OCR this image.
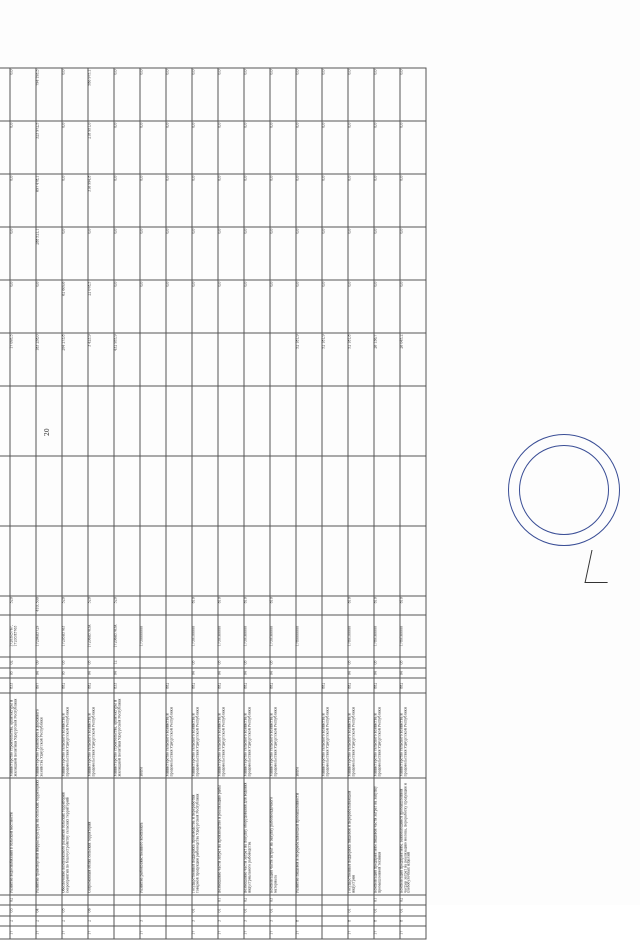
20

17	2	03	02	Развитие водоснабжения в сельской местности	Министерство строительства, архитектуры и жилищной политики Удмуртской Республики	833	05	02	17203R5767, 17203Л5763	520				17 095,3	0,0	0,0	0,0	0,0	0,0
17	2	04		Развитие транспортной инфраструктуры на сельских территориях	Министерство транспорта и дорожного хозяйства Удмуртской Республики	807	04	09	17204R5729	410, 500				183 258,0	0,0	288 521,1	697 478,1	323 972,5	794 193,3
17	2	05		Обеспечение комплексного развития сельских территорий (мероприятия по благоустройству сельских территорий)	Министерство сельского хозяйства и продовольствия Удмуртской Республики	882	05	03	17205R5763	520				204 273,8	62 609,6	0,0	0,0	0,0	0,0
17	2	06		Современный облик сельских территорий	Министерство сельского хозяйства и продовольствия Удмуртской Республики	882	04	05	17206R5763A	520				3 423,9	22 078,5	0,0	316 994,8	218 951,0	586 975,1
					Министерство строительства, архитектуры и жилищной политики Удмуртской Республики	833	04	12	17206R5763A	520				432 955,9	0,0	0,0	0,0	0,0	0,0
17	3			Развитие рыбохозяйственного комплекса	Всего				1730000000						0,0	0,0	0,0	0,0	0,0
					Министерство сельского хозяйства и продовольствия Удмуртской Республики	882									0,0	0,0	0,0	0,0	0,0
17	3	01		Государственная поддержка производства и переработки товарной продукции рыбоводства Удмуртской Республики	Министерство сельского хозяйства и продовольствия Удмуртской Республики	882	04	05	1730100000	810					0,0	0,0	0,0	0,0	0,0
17	3	01	01	Возмещение части затрат на производство и реализацию рыбы	Министерство сельского хозяйства и продовольствия Удмуртской Республики	882	04	05	1730160000	810					0,0	0,0	0,0	0,0	0,0
17	3	01	02	Возмещение части затрат на покупку оборудования для ведения индустриального рыбоводства	Министерство сельского хозяйства и продовольствия Удмуртской Республики	882	04	05	1730160000	810					0,0	0,0	0,0	0,0	0,0
17	3	01	03	Компенсация части затрат на закупку рыбопосадочного материала	Министерство сельского хозяйства и продовольствия Удмуртской Республики	882	04	05	1730160000	810					0,0	0,0	0,0	0,0	0,0
17	8			Развитие пищевой и перерабатывающей промышленности	Всего				1780000000					52 181,9	0,0	0,0	0,0	0,0	0,0
					Министерство сельского хозяйства и продовольствия Удмуртской Республики	882								52 181,9	0,0	0,0	0,0	0,0	0,0
17	8	01		Государственная поддержка пищевой и перерабатывающей индустрии	Министерство сельского хозяйства и продовольствия Удмуртской Республики	882	04	05	1780100000	810				52 181,8	0,0	0,0	0,0	0,0	0,0
17	8	01	01	Компенсация предприятиям пищевой части затрат на закупку промышленной техники	Министерство сельского хозяйства и продовольствия Удмуртской Республики	882	04	05	1780160000	810				26 136,7	0,0	0,0	0,0	0,0	0,0
17	8	01	02	Компенсация предприятиям, занимающимся промышленной частью затрат на реализацию молока, переработку продукции и хлебобулочных изделий	Министерство сельского хозяйства и продовольствия Удмуртской Республики	882	04	05	1780160000	810				26 045,2	0,0	0,0	0,0	0,0	0,0
